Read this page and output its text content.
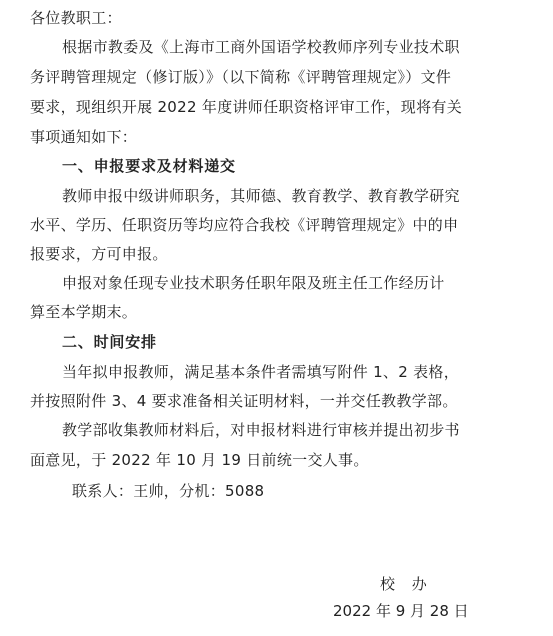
各位教职工：
根据市教委及《上海市工商外国语学校教师序列专业技术职
务评聘管理规定（修订版）》（以下简称《评聘管理规定》）文件
要求，现组织开展 2022 年度讲师任职资格评审工作，现将有关
事项通知如下：
一、申报要求及材料递交
教师申报中级讲师职务，其师德、教育教学、教育教学研究
水平、学历、任职资历等均应符合我校《评聘管理规定》中的申
报要求，方可申报。
申报对象任现专业技术职务任职年限及班主任工作经历计
算至本学期末。
二、时间安排
当年拟申报教师，满足基本条件者需填写附件 1、2 表格，
并按照附件 3、4 要求准备相关证明材料，一并交任教教学部。
教学部收集教师材料后，对申报材料进行审核并提出初步书
面意见，于 2022 年 10 月 19 日前统一交人事。
联系人：王帅，分机：5088
校 办
2022 年 9 月 28 日
